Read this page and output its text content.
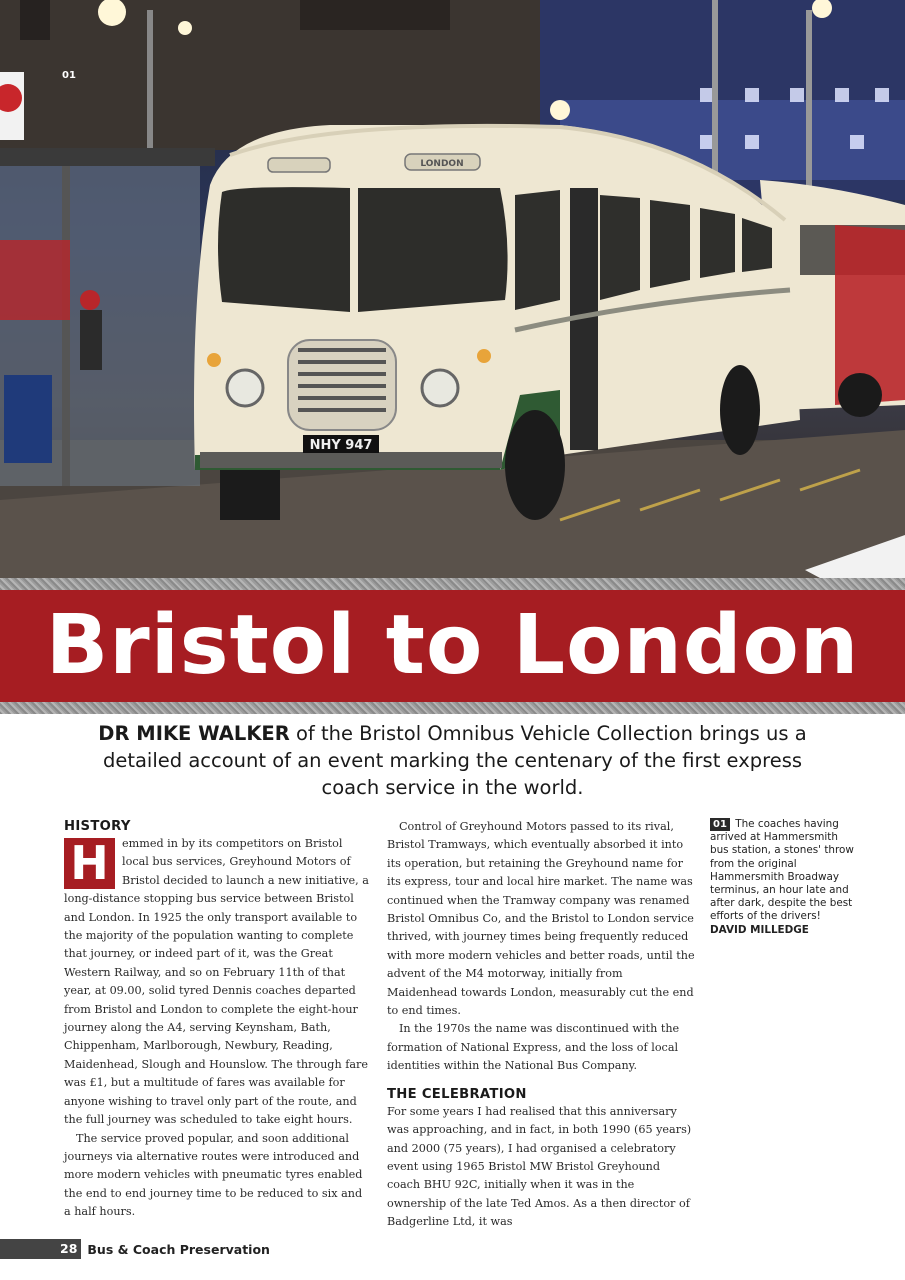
LONDON
NHY 947
01
Bristol to London
DR MIKE WALKER of the Bristol Omnibus Vehicle Collection brings us a detailed account of an event marking the centenary of the first express coach service in the world.
HISTORY

H	emmed in by its competitors on Bristol local bus services, Greyhound Motors of Bristol decided to launch a new initiative, a long-distance stopping bus service between Bristol and London. In 1925 the only transport available to the majority of the population wanting to complete that journey, or indeed part of it, was the Great Western Railway, and so on February 11th of that year, at 09.00, solid tyred Dennis coaches departed from Bristol and London to complete the eight-hour journey along the A4, serving Keynsham, Bath, Chippenham, Marlborough, Newbury, Reading, Maidenhead, Slough and Hounslow. The through fare was £1, but a multitude of fares was available for anyone wishing to travel only part of the route, and the full journey was scheduled to take eight hours.

The service proved popular, and soon additional journeys via alternative routes were introduced and more modern vehicles with pneumatic tyres enabled the end to end journey time to be reduced to six and a half hours.

Control of Greyhound Motors passed to its rival, Bristol Tramways, which eventually absorbed it into its operation, but retaining the Greyhound name for its express, tour and local hire market. The name was continued when the Tramway company was renamed Bristol Omnibus Co, and the Bristol to London service thrived, with journey times being frequently reduced with more modern vehicles and better roads, until the advent of the M4 motorway, initially from Maidenhead towards London, measurably cut the end to end times.

In the 1970s the name was discontinued with the formation of National Express, and the loss of local identities within the National Bus Company.

THE CELEBRATION

For some years I had realised that this anniversary was approaching, and in fact, in both 1990 (65 years) and 2000 (75 years), I had organised a celebratory event using 1965 Bristol MW Bristol Greyhound coach BHU 92C, initially when it was in the ownership of the late Ted Amos. As a then director of Badgerline Ltd, it was

01 The coaches having arrived at Hammersmith bus station, a stones' throw from the original Hammersmith Broadway terminus, an hour late and after dark, despite the best efforts of the drivers! DAVID MILLEDGE
28 Bus & Coach Preservation
